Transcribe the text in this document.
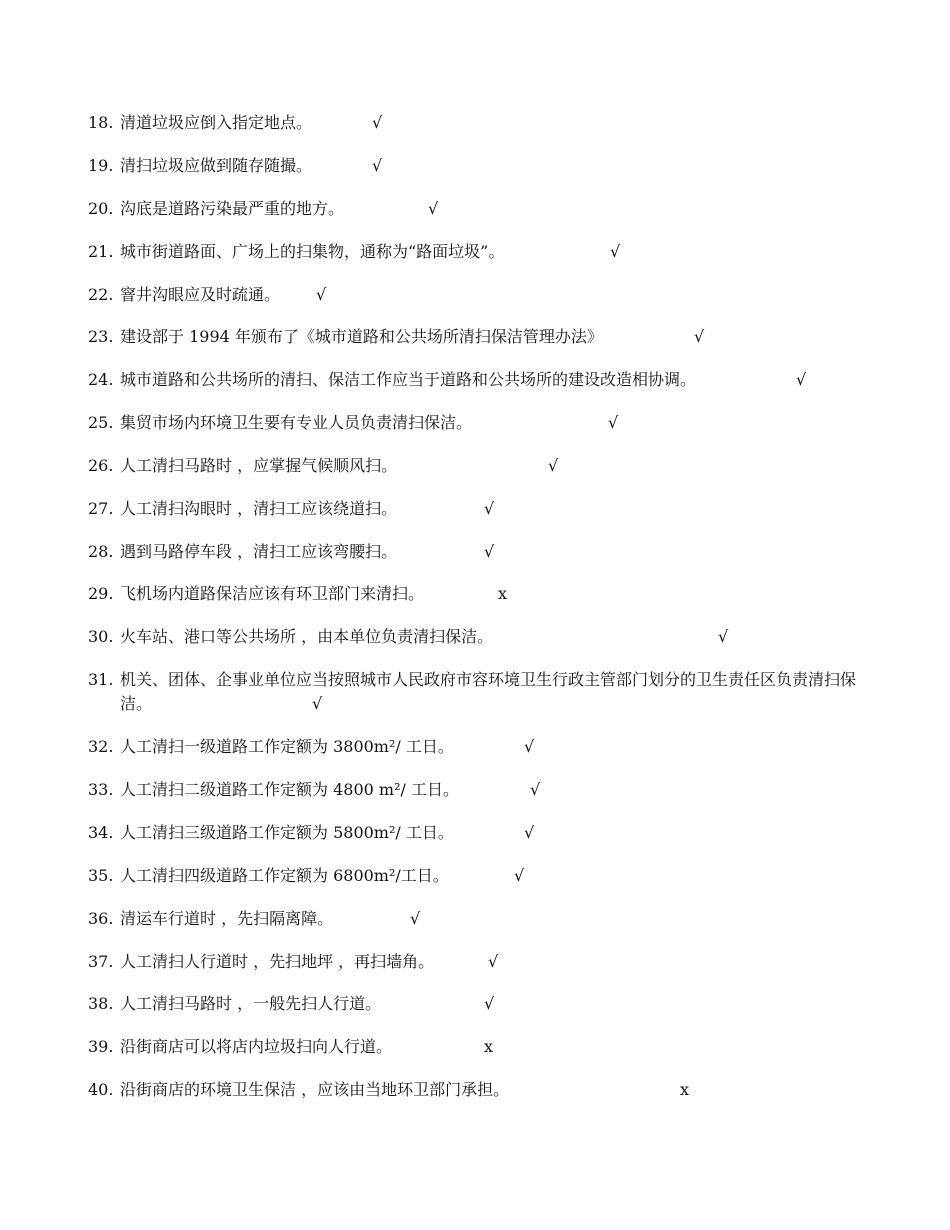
18. 清道垃圾应倒入指定地点。	√
19. 清扫垃圾应做到随存随撮。	√
20. 沟底是道路污染最严重的地方。	√
21. 城市街道路面、广场上的扫集物，通称为“路面垃圾”。	√
22. 窨井沟眼应及时疏通。 √
23. 建设部于 1994 年颁布了《城市道路和公共场所清扫保洁管理办法》	√
24. 城市道路和公共场所的清扫、保洁工作应当于道路和公共场所的建设改造相协调。	√
25. 集贸市场内环境卫生要有专业人员负责清扫保洁。	√
26. 人工清扫马路时 ，应掌握气候顺风扫。	√
27. 人工清扫沟眼时 ，清扫工应该绕道扫。	√
28. 遇到马路停车段 ，清扫工应该弯腰扫。	√
29. 飞机场内道路保洁应该有环卫部门来清扫。	x
30. 火车站、港口等公共场所 ，由本单位负责清扫保洁。	√
31. 机关、团体、企事业单位应当按照城市人民政府市容环境卫生行政主管部门划分的卫生责任区负责清扫保洁。	√
32. 人工清扫一级道路工作定额为 3800m²/ 工日。	√
33. 人工清扫二级道路工作定额为 4800 m²/ 工日。	√
34. 人工清扫三级道路工作定额为 5800m²/ 工日。	√
35. 人工清扫四级道路工作定额为 6800m²/工日。	√
36. 清运车行道时 ，先扫隔离障。	√
37. 人工清扫人行道时 ，先扫地坪 ，再扫墙角。	√
38. 人工清扫马路时 ，一般先扫人行道。	√
39. 沿街商店可以将店内垃圾扫向人行道。	x
40. 沿街商店的环境卫生保洁 ，应该由当地环卫部门承担。	x
